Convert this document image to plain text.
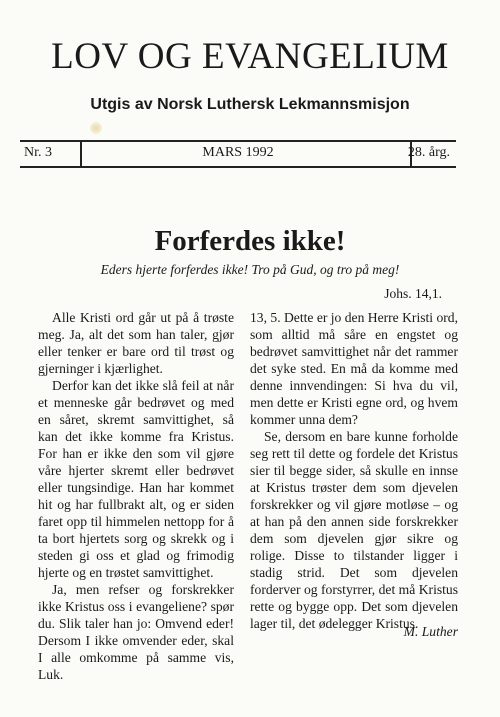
LOV OG EVANGELIUM
Utgis av Norsk Luthersk Lekmannsmisjon
Nr. 3	MARS 1992	28. årg.
Forferdes ikke!
Eders hjerte forferdes ikke! Tro på Gud, og tro på meg!
Johs. 14,1.

Alle Kristi ord går ut på å trøste meg. Ja, alt det som han taler, gjør eller tenker er bare ord til trøst og gjerninger i kjærlighet.

Derfor kan det ikke slå feil at når et menneske går bedrøvet og med en såret, skremt samvittighet, så kan det ikke komme fra Kristus. For han er ikke den som vil gjøre våre hjerter skremt eller bedrøvet eller tungsindige. Han har kommet hit og har fullbrakt alt, og er siden faret opp til himmelen nettopp for å ta bort hjertets sorg og skrekk og i steden gi oss et glad og frimodig hjerte og en trøstet samvittighet.

Ja, men refser og forskrekker ikke Kristus oss i evangeliene? spør du. Slik taler han jo: Omvend eder! Dersom I ikke omvender eder, skal I alle omkomme på samme vis, Luk.

13, 5. Dette er jo den Herre Kristi ord, som alltid må såre en engstet og bedrøvet samvittighet når det rammer det syke sted. En må da komme med denne innvendingen: Si hva du vil, men dette er Kristi egne ord, og hvem kommer unna dem?

Se, dersom en bare kunne forholde seg rett til dette og fordele det Kristus sier til begge sider, så skulle en innse at Kristus trøster dem som djevelen forskrekker og vil gjøre motløse – og at han på den annen side forskrekker dem som djevelen gjør sikre og rolige. Disse to tilstander ligger i stadig strid. Det som djevelen forderver og forstyrrer, det må Kristus rette og bygge opp. Det som djevelen lager til, det ødelegger Kristus.

M. Luther
